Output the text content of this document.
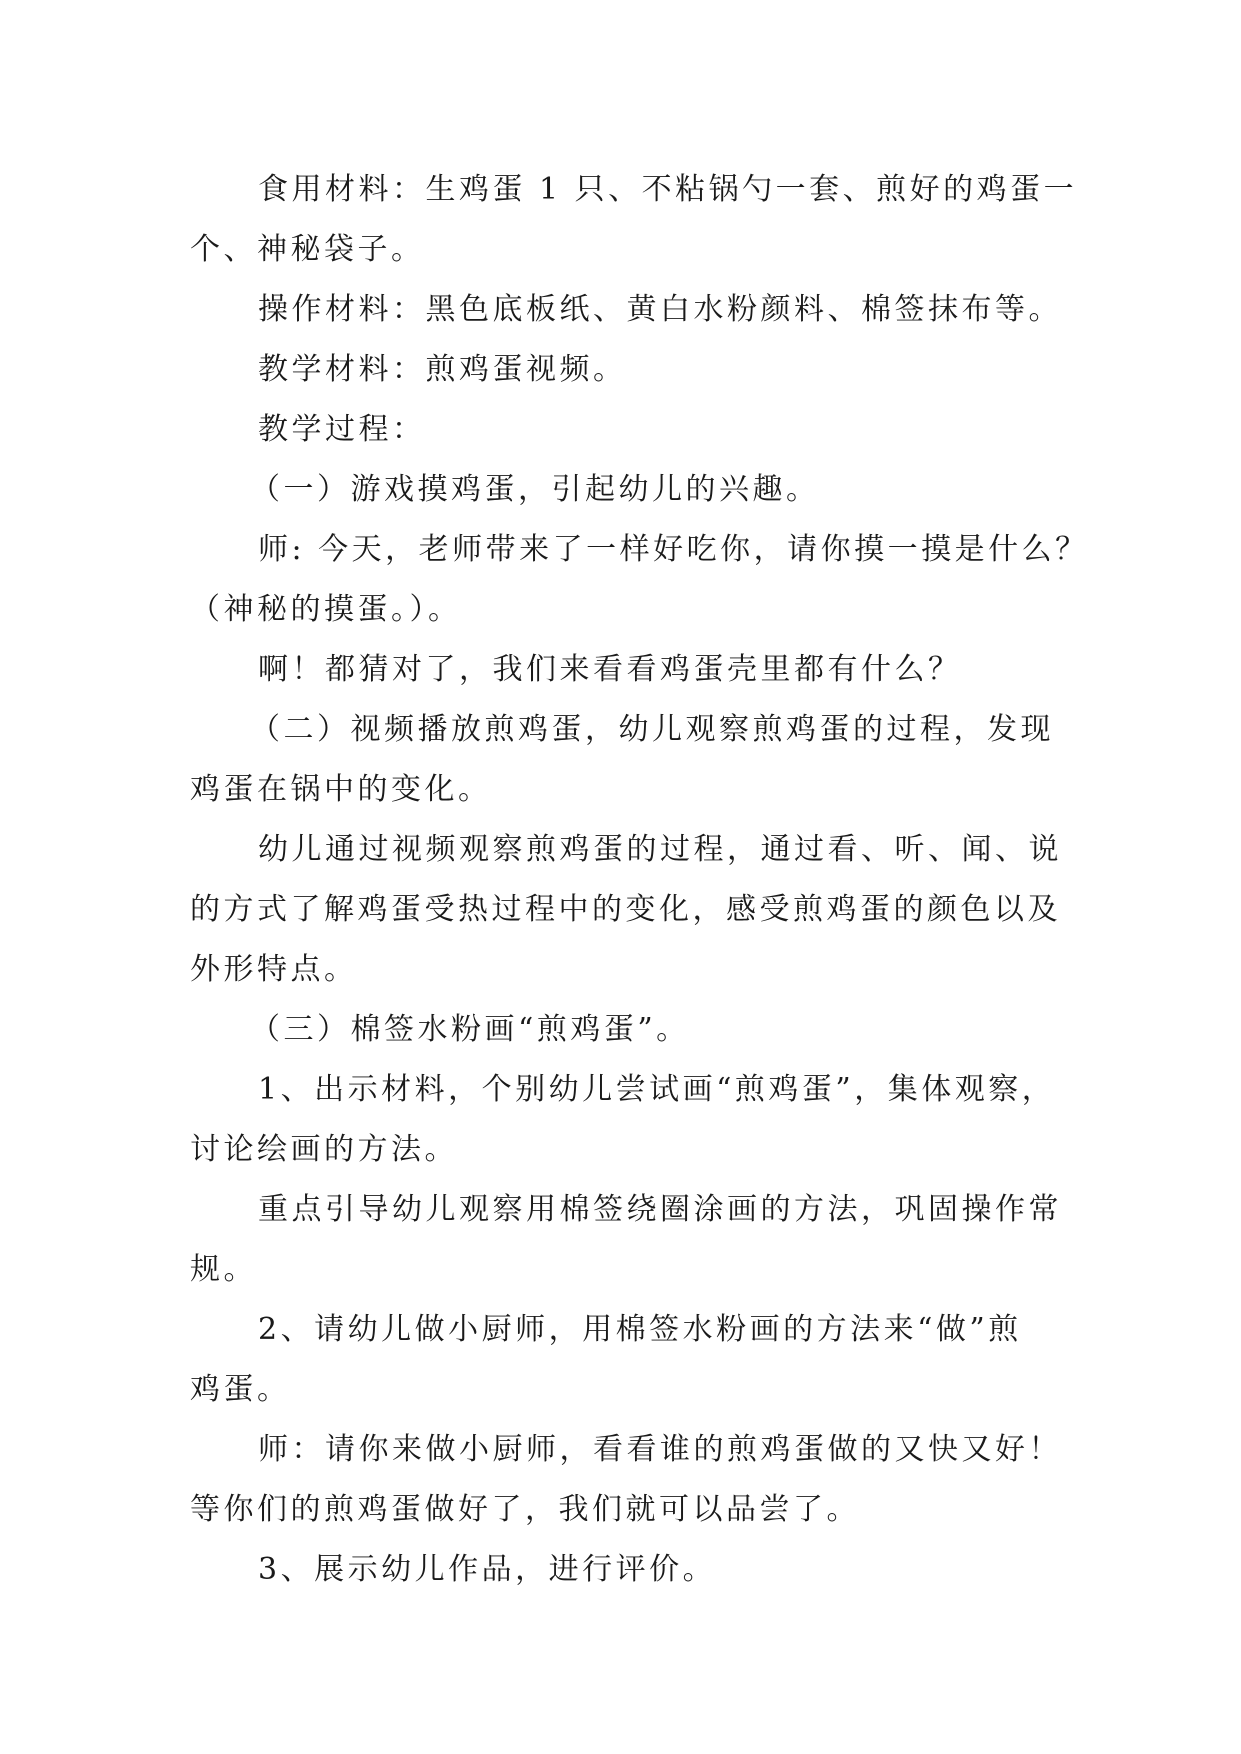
食用材料：生鸡蛋 1 只、不粘锅勺一套、煎好的鸡蛋一
个、神秘袋子。
操作材料：黑色底板纸、黄白水粉颜料、棉签抹布等。
教学材料：煎鸡蛋视频。
教学过程：
（一）游戏摸鸡蛋，引起幼儿的兴趣。
师: 今天，老师带来了一样好吃你，请你摸一摸是什么？
（神秘的摸蛋。）。
啊！都猜对了，我们来看看鸡蛋壳里都有什么？
（二）视频播放煎鸡蛋，幼儿观察煎鸡蛋的过程，发现
鸡蛋在锅中的变化。
幼儿通过视频观察煎鸡蛋的过程，通过看、听、闻、说
的方式了解鸡蛋受热过程中的变化，感受煎鸡蛋的颜色以及
外形特点。
（三）棉签水粉画“煎鸡蛋”。
1、出示材料，个别幼儿尝试画“煎鸡蛋”，集体观察，
讨论绘画的方法。
重点引导幼儿观察用棉签绕圈涂画的方法，巩固操作常
规。
2、请幼儿做小厨师，用棉签水粉画的方法来“做”煎
鸡蛋。
师：请你来做小厨师，看看谁的煎鸡蛋做的又快又好！
等你们的煎鸡蛋做好了，我们就可以品尝了。
3、展示幼儿作品，进行评价。
